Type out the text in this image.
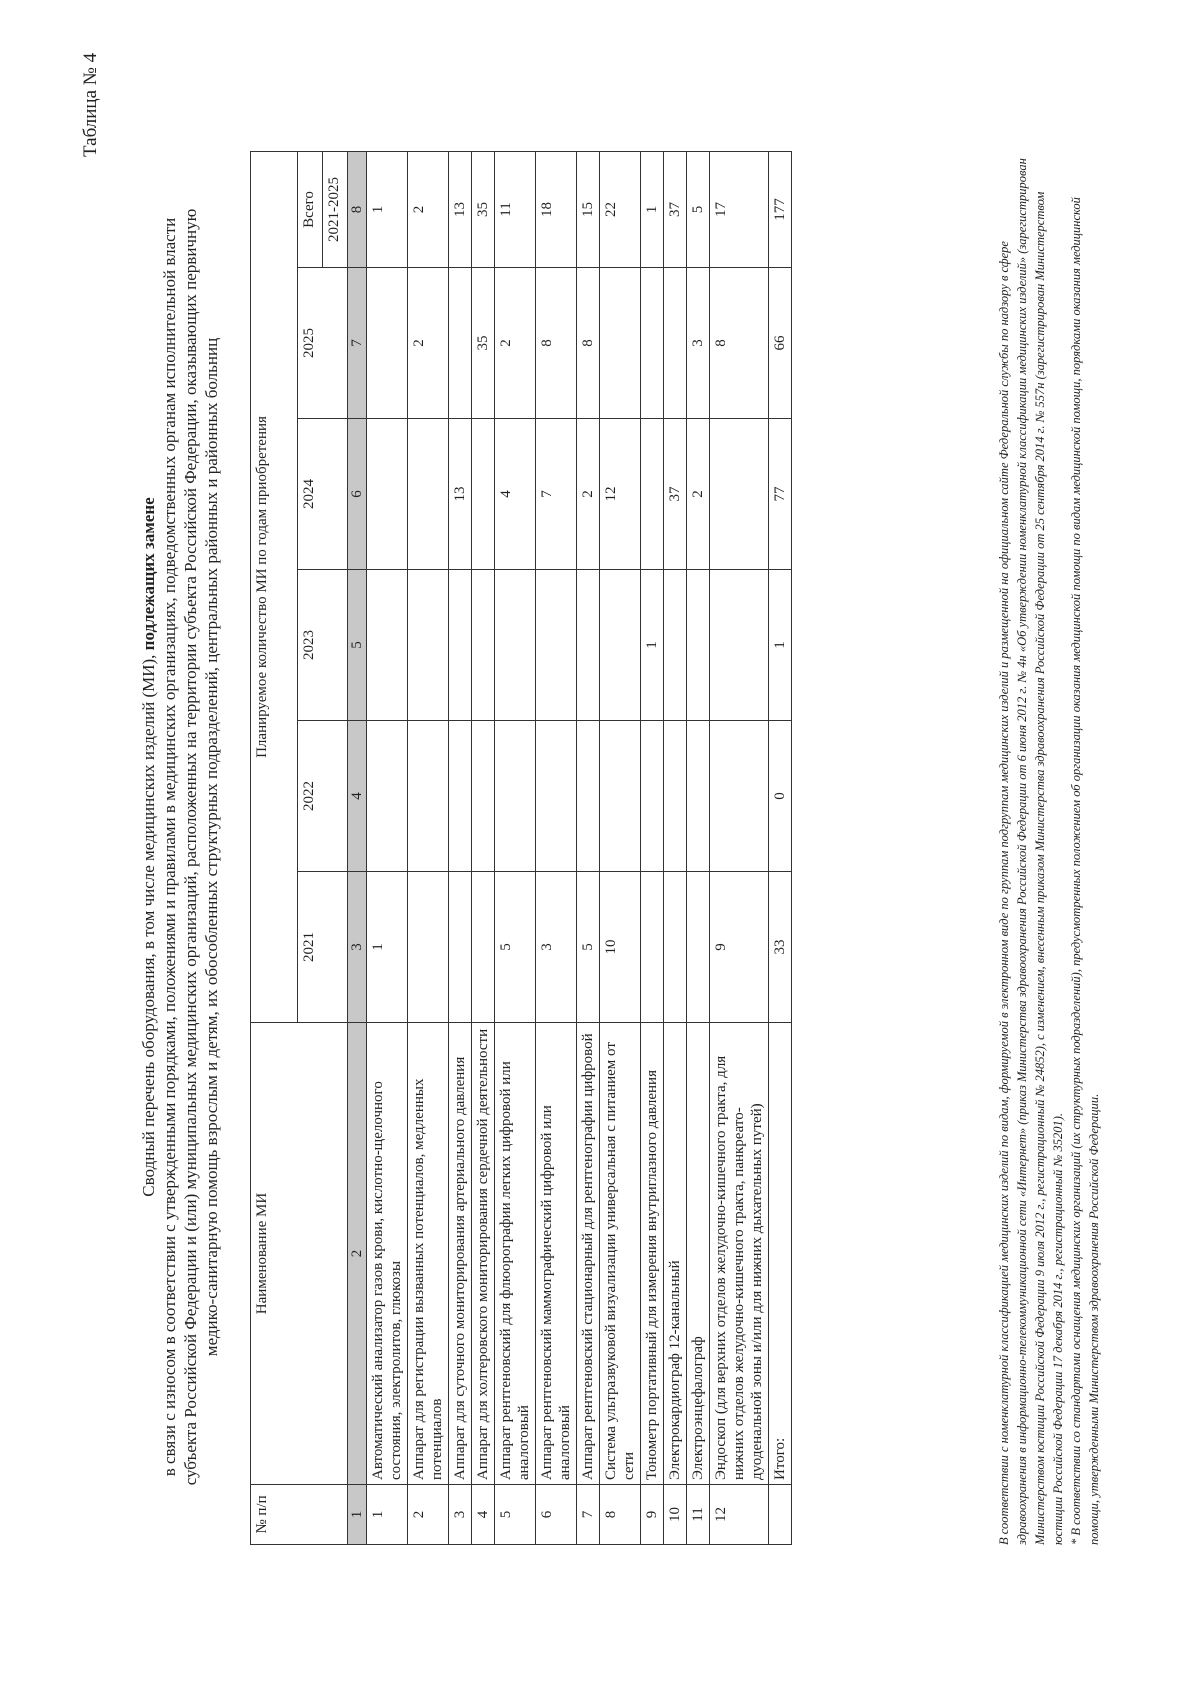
Таблица № 4
Сводный перечень оборудования, в том числе медицинских изделий (МИ), подлежащих замене в связи с износом в соответствии с утвержденными порядками, положениями и правилами в медицинских организациях, подведомственных органам исполнительной власти субъекта Российской Федерации и (или) муниципальных медицинских организаций, расположенных на территории субъекта Российской Федерации, оказывающих первичную медико-санитарную помощь взрослым и детям, их обособленных структурных подразделений, центральных районных и районных больниц
№ п/п	Наименование МИ	Планируемое количество МИ по годам приобретения					
		2021	2022	2023	2024	2025	Всего
							2021-2025
1	2	3	4	5	6	7	8
1	Автоматический анализатор газов крови, кислотно-щелочного состояния, электролитов, глюкозы	1					1
2	Аппарат для регистрации вызванных потенциалов, медленных потенциалов					2	2
3	Аппарат для суточного мониторирования артериального давления				13		13
4	Аппарат для холтеровского мониторирования сердечной деятельности					35	35
5	Аппарат рентгеновский для флюорографии легких цифровой или аналоговый	5			4	2	11
6	Аппарат рентгеновский маммографический цифровой или аналоговый	3			7	8	18
7	Аппарат рентгеновский стационарный для рентгенографии цифровой	5			2	8	15
8	Система ультразвуковой визуализации универсальная с питанием от сети	10			12		22
9	Тонометр портативный для измерения внутриглазного давления			1			1
10	Электрокардиограф 12-канальный				37		37
11	Электроэнцефалограф				2	3	5
12	Эндоскоп (для верхних отделов желудочно-кишечного тракта, для нижних отделов желудочно-кишечного тракта, панкреато-дуоденальной зоны и/или для нижних дыхательных путей)	9				8	17
	Итого:	33	0	1	77	66	177

В соответствии с номенклатурной классификацией медицинских изделий по видам, формируемой в электронном виде по группам подгруппам медицинских изделий и размещенной на официальном сайте Федеральной службы по надзору в сфере здравоохранения в информационно-телекоммуникационной сети «Интернет» (приказ Министерства здравоохранения Российской Федерации от 6 июня 2012 г. № 4н «Об утверждении номенклатурной классификации медицинских изделий» (зарегистрирован Министерством юстиции Российской Федерации 9 июля 2012 г., регистрационный № 24852), с изменением, внесенным приказом Министерства здравоохранения Российской Федерации от 25 сентября 2014 г. № 557н (зарегистрирован Министерством юстиции Российской Федерации 17 декабря 2014 г., регистрационный № 35201). * В соответствии со стандартами оснащения медицинских организаций (их структурных подразделений), предусмотренных положением об организации оказания медицинской помощи по видам медицинской помощи, порядками оказания медицинской помощи, утвержденными Министерством здравоохранения Российской Федерации.
